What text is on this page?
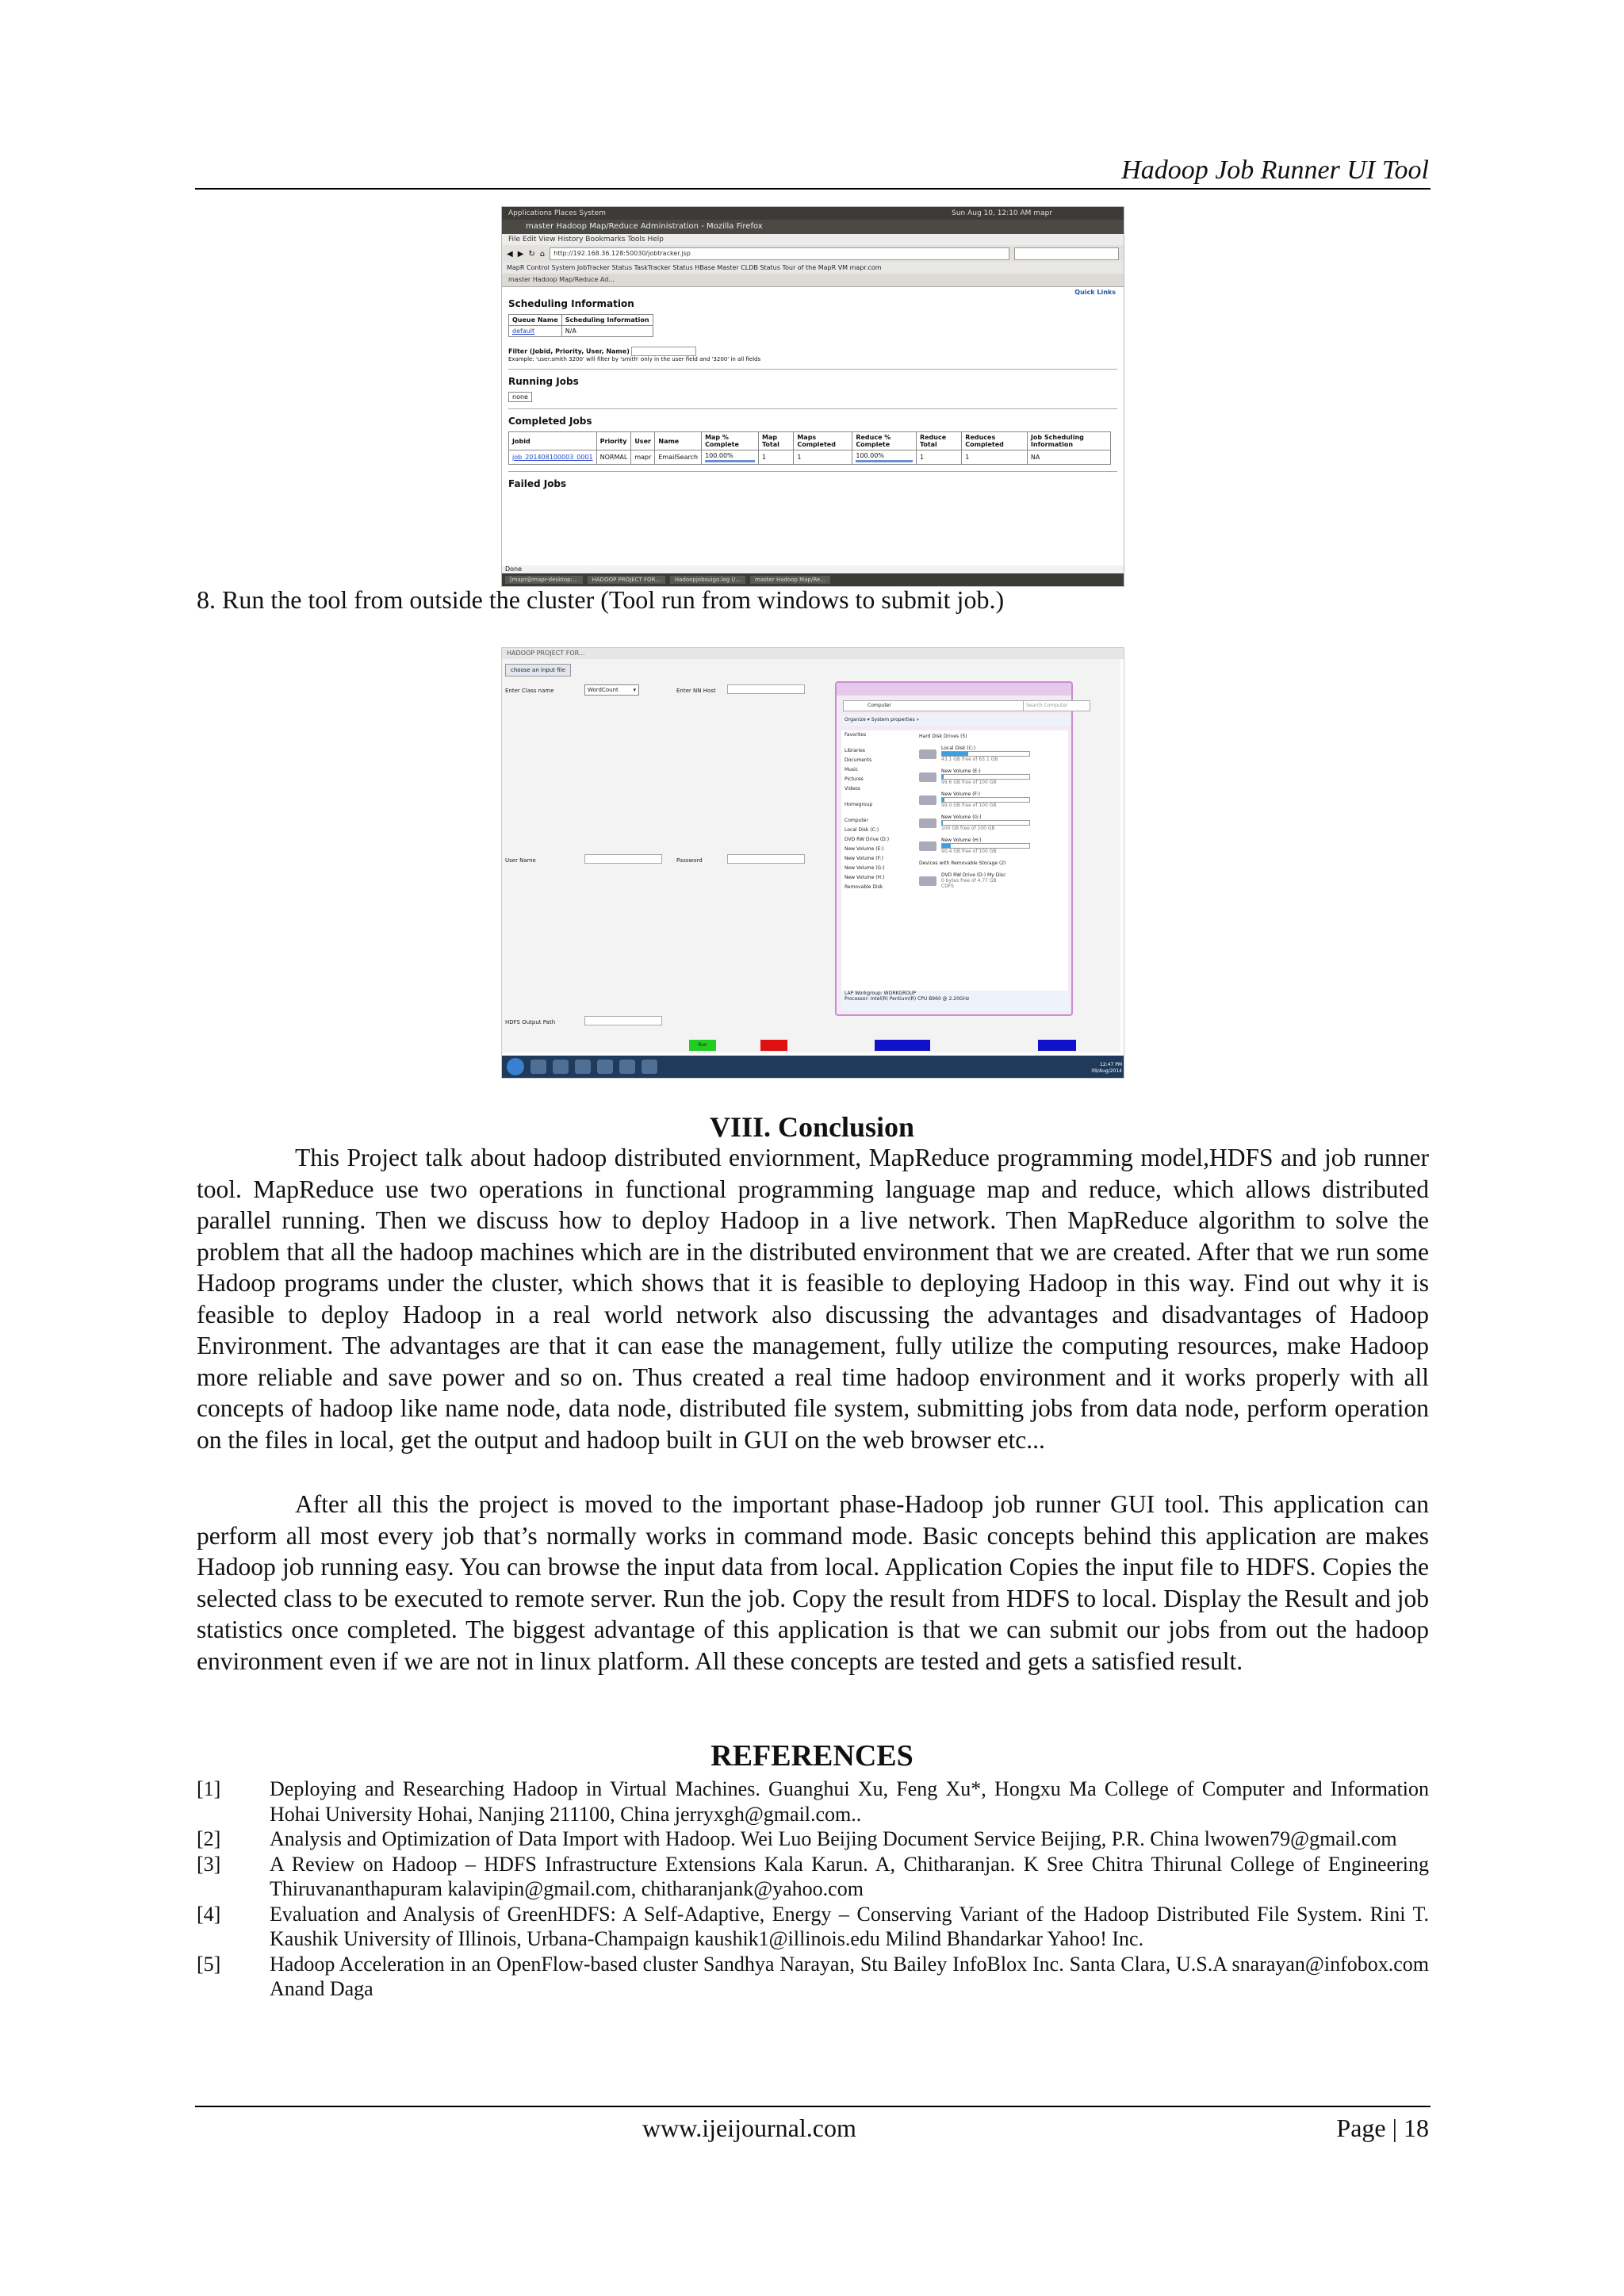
Hadoop Job Runner UI Tool
Applications Places System	Sun Aug 10, 12:10 AM mapr
master Hadoop Map/Reduce Administration - Mozilla Firefox
File Edit View History Bookmarks Tools Help
◀ ▶ ↻ ⌂	http://192.168.36.128:50030/jobtracker.jsp
MapR Control System JobTracker Status TaskTracker Status HBase Master CLDB Status Tour of the MapR VM mapr.com
master Hadoop Map/Reduce Ad...
Quick Links
Scheduling Information
Queue Name	Scheduling Information
default	N/A
Filter (Jobid, Priority, User, Name)
Example: 'user:smith 3200' will filter by 'smith' only in the user field and '3200' in all fields
Running Jobs
none
Completed Jobs
Jobid	Priority	User	Name	Map % Complete	Map Total	Maps Completed	Reduce % Complete	Reduce Total	Reduces Completed	Job Scheduling Information
job_201408100003_0001	NORMAL	mapr	EmailSearch	100.00%	1	1	100.00%	1	1	NA
Failed Jobs
Done
[mapr@mapr-desktop:...	HADOOP PROJECT FOR...	Hadoopjobsuigo.log (/...	master Hadoop Map/Re...
8. Run the tool from outside the cluster (Tool run from windows to submit job.)
HADOOP PROJECT FOR...
choose an input file
Enter Class name	WordCount	▾	Enter NN Host
User Name	Password
HDFS Output Path
Run
Computer	Search Computer
Organize ▾ System properties »
Favorites
Libraries
Documents
Music
Pictures
Videos
Homegroup
Computer
Local Disk (C:)
DVD RW Drive (D:)
New Volume (E:)
New Volume (F:)
New Volume (G:)
New Volume (H:)
Removable Disk
Hard Disk Drives (5)
Local Disk (C:)
43.1 GB free of 63.1 GB
New Volume (E:)
99.6 GB free of 100 GB
New Volume (F:)
99.0 GB free of 100 GB
New Volume (G:)
100 GB free of 100 GB
New Volume (H:)
90.4 GB free of 100 GB
Devices with Removable Storage (2)
DVD RW Drive (D:) My Disc
0 bytes free of 4.77 GB
CDFS
LAP Workgroup: WORKGROUP
Processor: Intel(R) Pentium(R) CPU B960 @ 2.20GHz
12:47 PM
09/Aug/2014
VIII. Conclusion

This Project talk about hadoop distributed enviornment, MapReduce programming model,HDFS and job runner tool. MapReduce use two operations in functional programming language map and reduce, which allows distributed parallel running. Then we discuss how to deploy Hadoop in a live network. Then MapReduce algorithm to solve the problem that all the hadoop machines which are in the distributed environment that we are created. After that we run some Hadoop programs under the cluster, which shows that it is feasible to deploying Hadoop in this way. Find out why it is feasible to deploy Hadoop in a real world network also discussing the advantages and disadvantages of Hadoop Environment. The advantages are that it can ease the management, fully utilize the computing resources, make Hadoop more reliable and save power and so on. Thus created a real time hadoop environment and it works properly with all concepts of hadoop like name node, data node, distributed file system, submitting jobs from data node, perform operation on the files in local, get the output and hadoop built in GUI on the web browser etc...

After all this the project is moved to the important phase-Hadoop job runner GUI tool. This application can perform all most every job that’s normally works in command mode. Basic concepts behind this application are makes Hadoop job running easy. You can browse the input data from local. Application Copies the input file to HDFS. Copies the selected class to be executed to remote server. Run the job. Copy the result from HDFS to local. Display the Result and job statistics once completed. The biggest advantage of this application is that we can submit our jobs from out the hadoop environment even if we are not in linux platform. All these concepts are tested and gets a satisfied result.

REFERENCES
[1]	Deploying and Researching Hadoop in Virtual Machines. Guanghui Xu, Feng Xu*, Hongxu Ma College of Computer and Information Hohai University Hohai, Nanjing 211100, China jerryxgh@gmail.com..
[2]	Analysis and Optimization of Data Import with Hadoop. Wei Luo Beijing Document Service Beijing, P.R. China lwowen79@gmail.com
[3]	A Review on Hadoop – HDFS Infrastructure Extensions Kala Karun. A, Chitharanjan. K Sree Chitra Thirunal College of Engineering Thiruvananthapuram kalavipin@gmail.com, chitharanjank@yahoo.com
[4]	Evaluation and Analysis of GreenHDFS: A Self-Adaptive, Energy – Conserving Variant of the Hadoop Distributed File System. Rini T. Kaushik University of Illinois, Urbana-Champaign kaushik1@illinois.edu Milind Bhandarkar Yahoo! Inc.
[5]	Hadoop Acceleration in an OpenFlow-based cluster Sandhya Narayan, Stu Bailey InfoBlox Inc. Santa Clara, U.S.A snarayan@infobox.com Anand Daga
www.ijeijournal.com	Page | 18
